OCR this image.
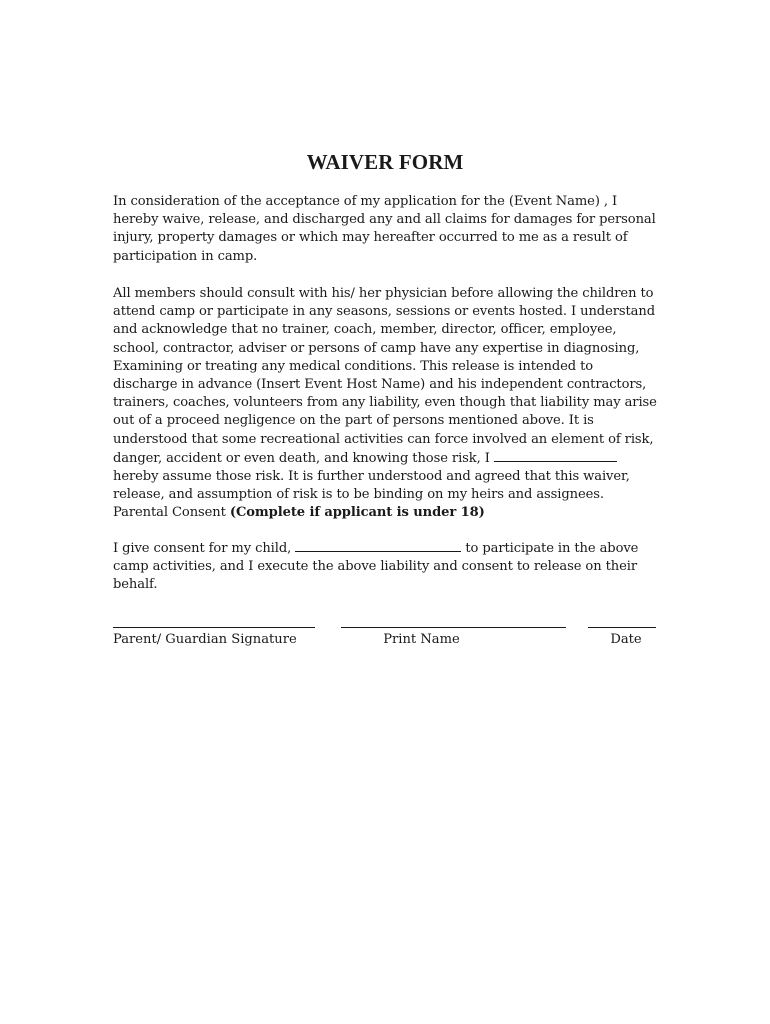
WAIVER FORM
In consideration of the acceptance of my application for the (Event Name) , I hereby waive, release, and discharged any and all claims for damages for personal injury, property damages or which may hereafter occurred to me as a result of participation in camp.
All members should consult with his/ her physician before allowing the children to attend camp or participate in any seasons, sessions or events hosted. I understand and acknowledge that no trainer, coach, member, director, officer, employee, school, contractor, adviser or persons of camp have any expertise in diagnosing, Examining or treating any medical conditions. This release is intended to discharge in advance (Insert Event Host Name) and his independent contractors, trainers, coaches, volunteers from any liability, even though that liability may arise out of a proceed negligence on the part of persons mentioned above. It is understood that some recreational activities can force involved an element of risk, danger, accident or even death, and knowing those risk, I  hereby assume those risk. It is further understood and agreed that this waiver, release, and assumption of risk is to be binding on my heirs and assignees. Parental Consent (Complete if applicant is under 18)
I give consent for my child,	to participate in the above camp activities, and I execute the above liability and consent to release on their behalf.
Parent/ Guardian Signature	Print Name	Date
